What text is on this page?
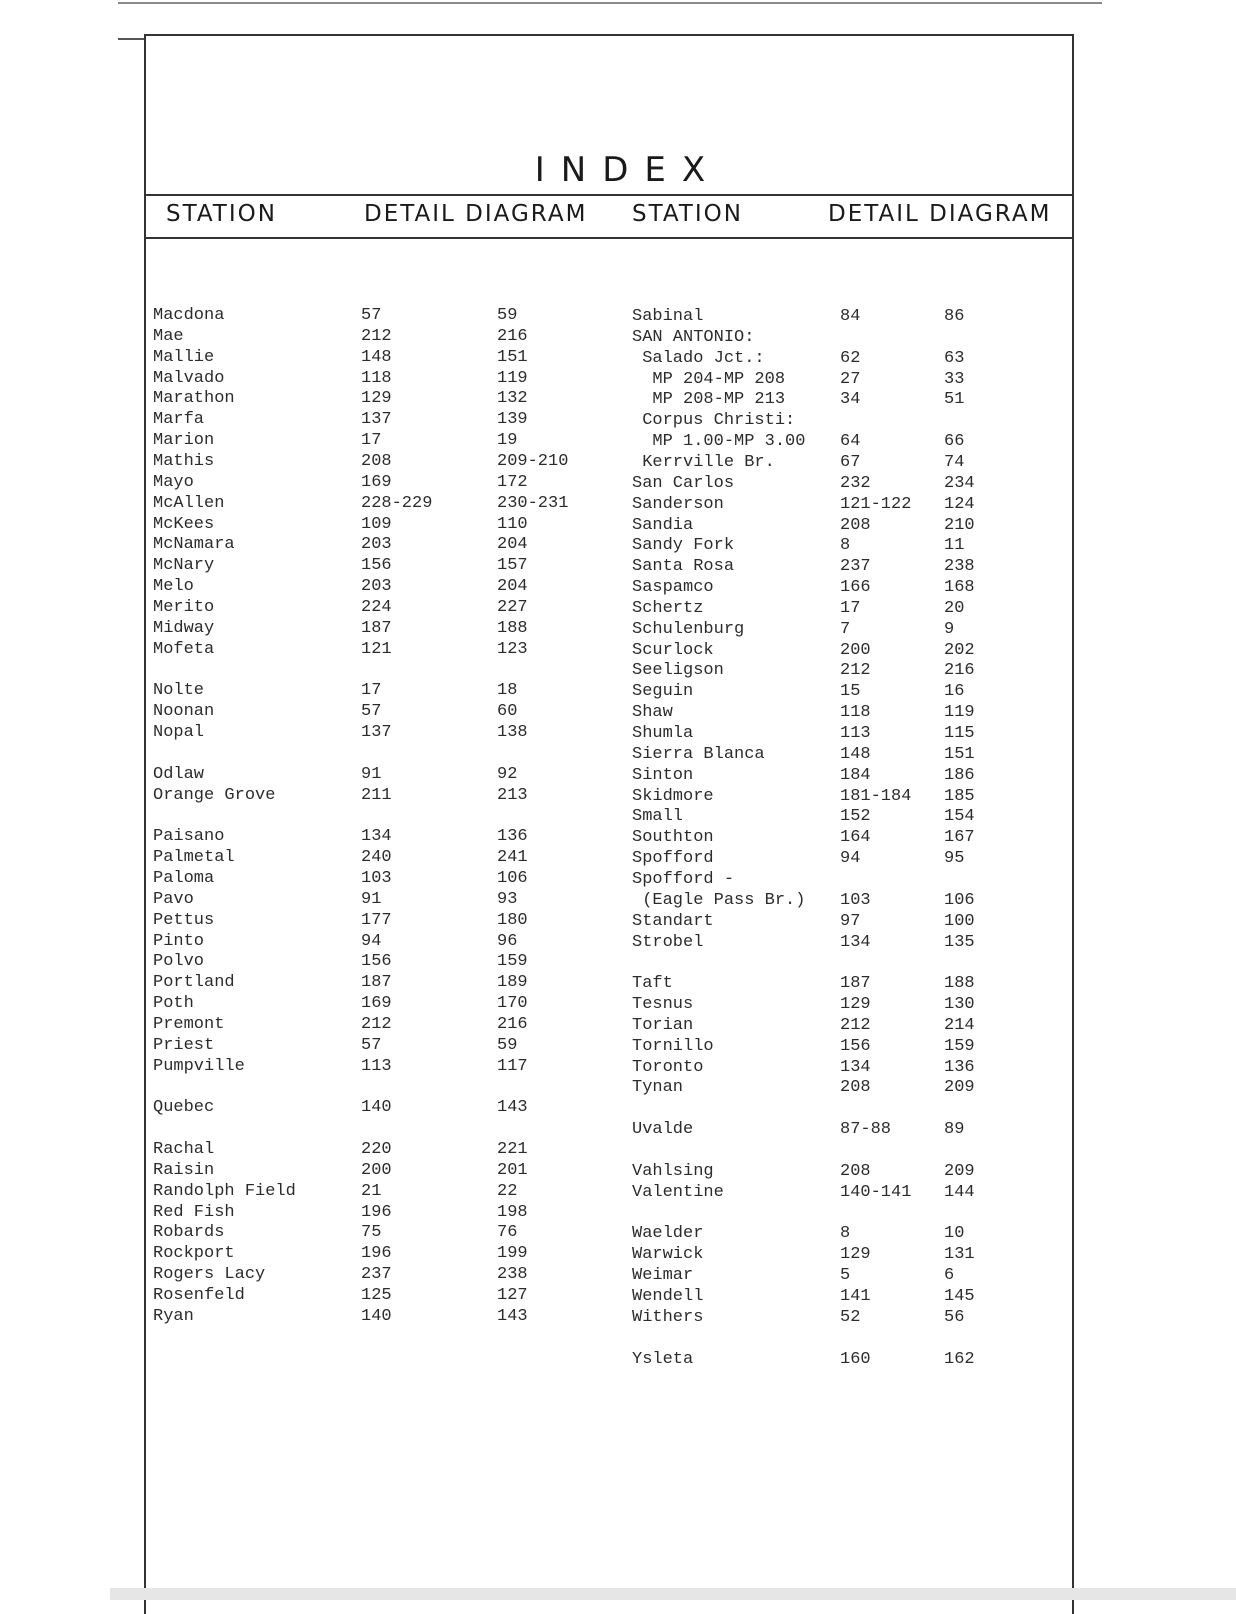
INDEX
STATION	DETAIL DIAGRAM STATION	DETAIL DIAGRAM
Macdona	57	59
Mae	212	216
Mallie	148	151
Malvado	118	119
Marathon	129	132
Marfa	137	139
Marion	17	19
Mathis	208	209-210
Mayo	169	172
McAllen	228-229	230-231
McKees	109	110
McNamara	203	204
McNary	156	157
Melo	203	204
Merito	224	227
Midway	187	188
Mofeta	121	123
Nolte	17	18
Noonan	57	60
Nopal	137	138
Odlaw	91	92
Orange Grove	211	213
Paisano	134	136
Palmetal	240	241
Paloma	103	106
Pavo	91	93
Pettus	177	180
Pinto	94	96
Polvo	156	159
Portland	187	189
Poth	169	170
Premont	212	216
Priest	57	59
Pumpville	113	117
Quebec	140	143
Rachal	220	221
Raisin	200	201
Randolph Field	21	22
Red Fish	196	198
Robards	75	76
Rockport	196	199
Rogers Lacy	237	238
Rosenfeld	125	127
Ryan	140	143
Sabinal	84	86
SAN ANTONIO:
Salado Jct.:	62	63
MP 204-MP 208	27	33
MP 208-MP 213	34	51
Corpus Christi:
MP 1.00-MP 3.00 64	66
Kerrville Br.	67	74
San Carlos	232	234
Sanderson	121-122 124
Sandia	208	210
Sandy Fork	8	11
Santa Rosa	237	238
Saspamco	166	168
Schertz	17	20
Schulenburg	7	9
Scurlock	200	202
Seeligson	212	216
Seguin	15	16
Shaw	118	119
Shumla	113	115
Sierra Blanca	148	151
Sinton	184	186
Skidmore	181-184 185
Small	152	154
Southton	164	167
Spofford	94	95
Spofford -
(Eagle Pass Br.) 103	106
Standart	97	100
Strobel	134	135
Taft	187	188
Tesnus	129	130
Torian	212	214
Tornillo	156	159
Toronto	134	136
Tynan	208	209
Uvalde	87-88	89
Vahlsing	208	209
Valentine	140-141 144
Waelder	8	10
Warwick	129	131
Weimar	5	6
Wendell	141	145
Withers	52	56
Ysleta	160	162
